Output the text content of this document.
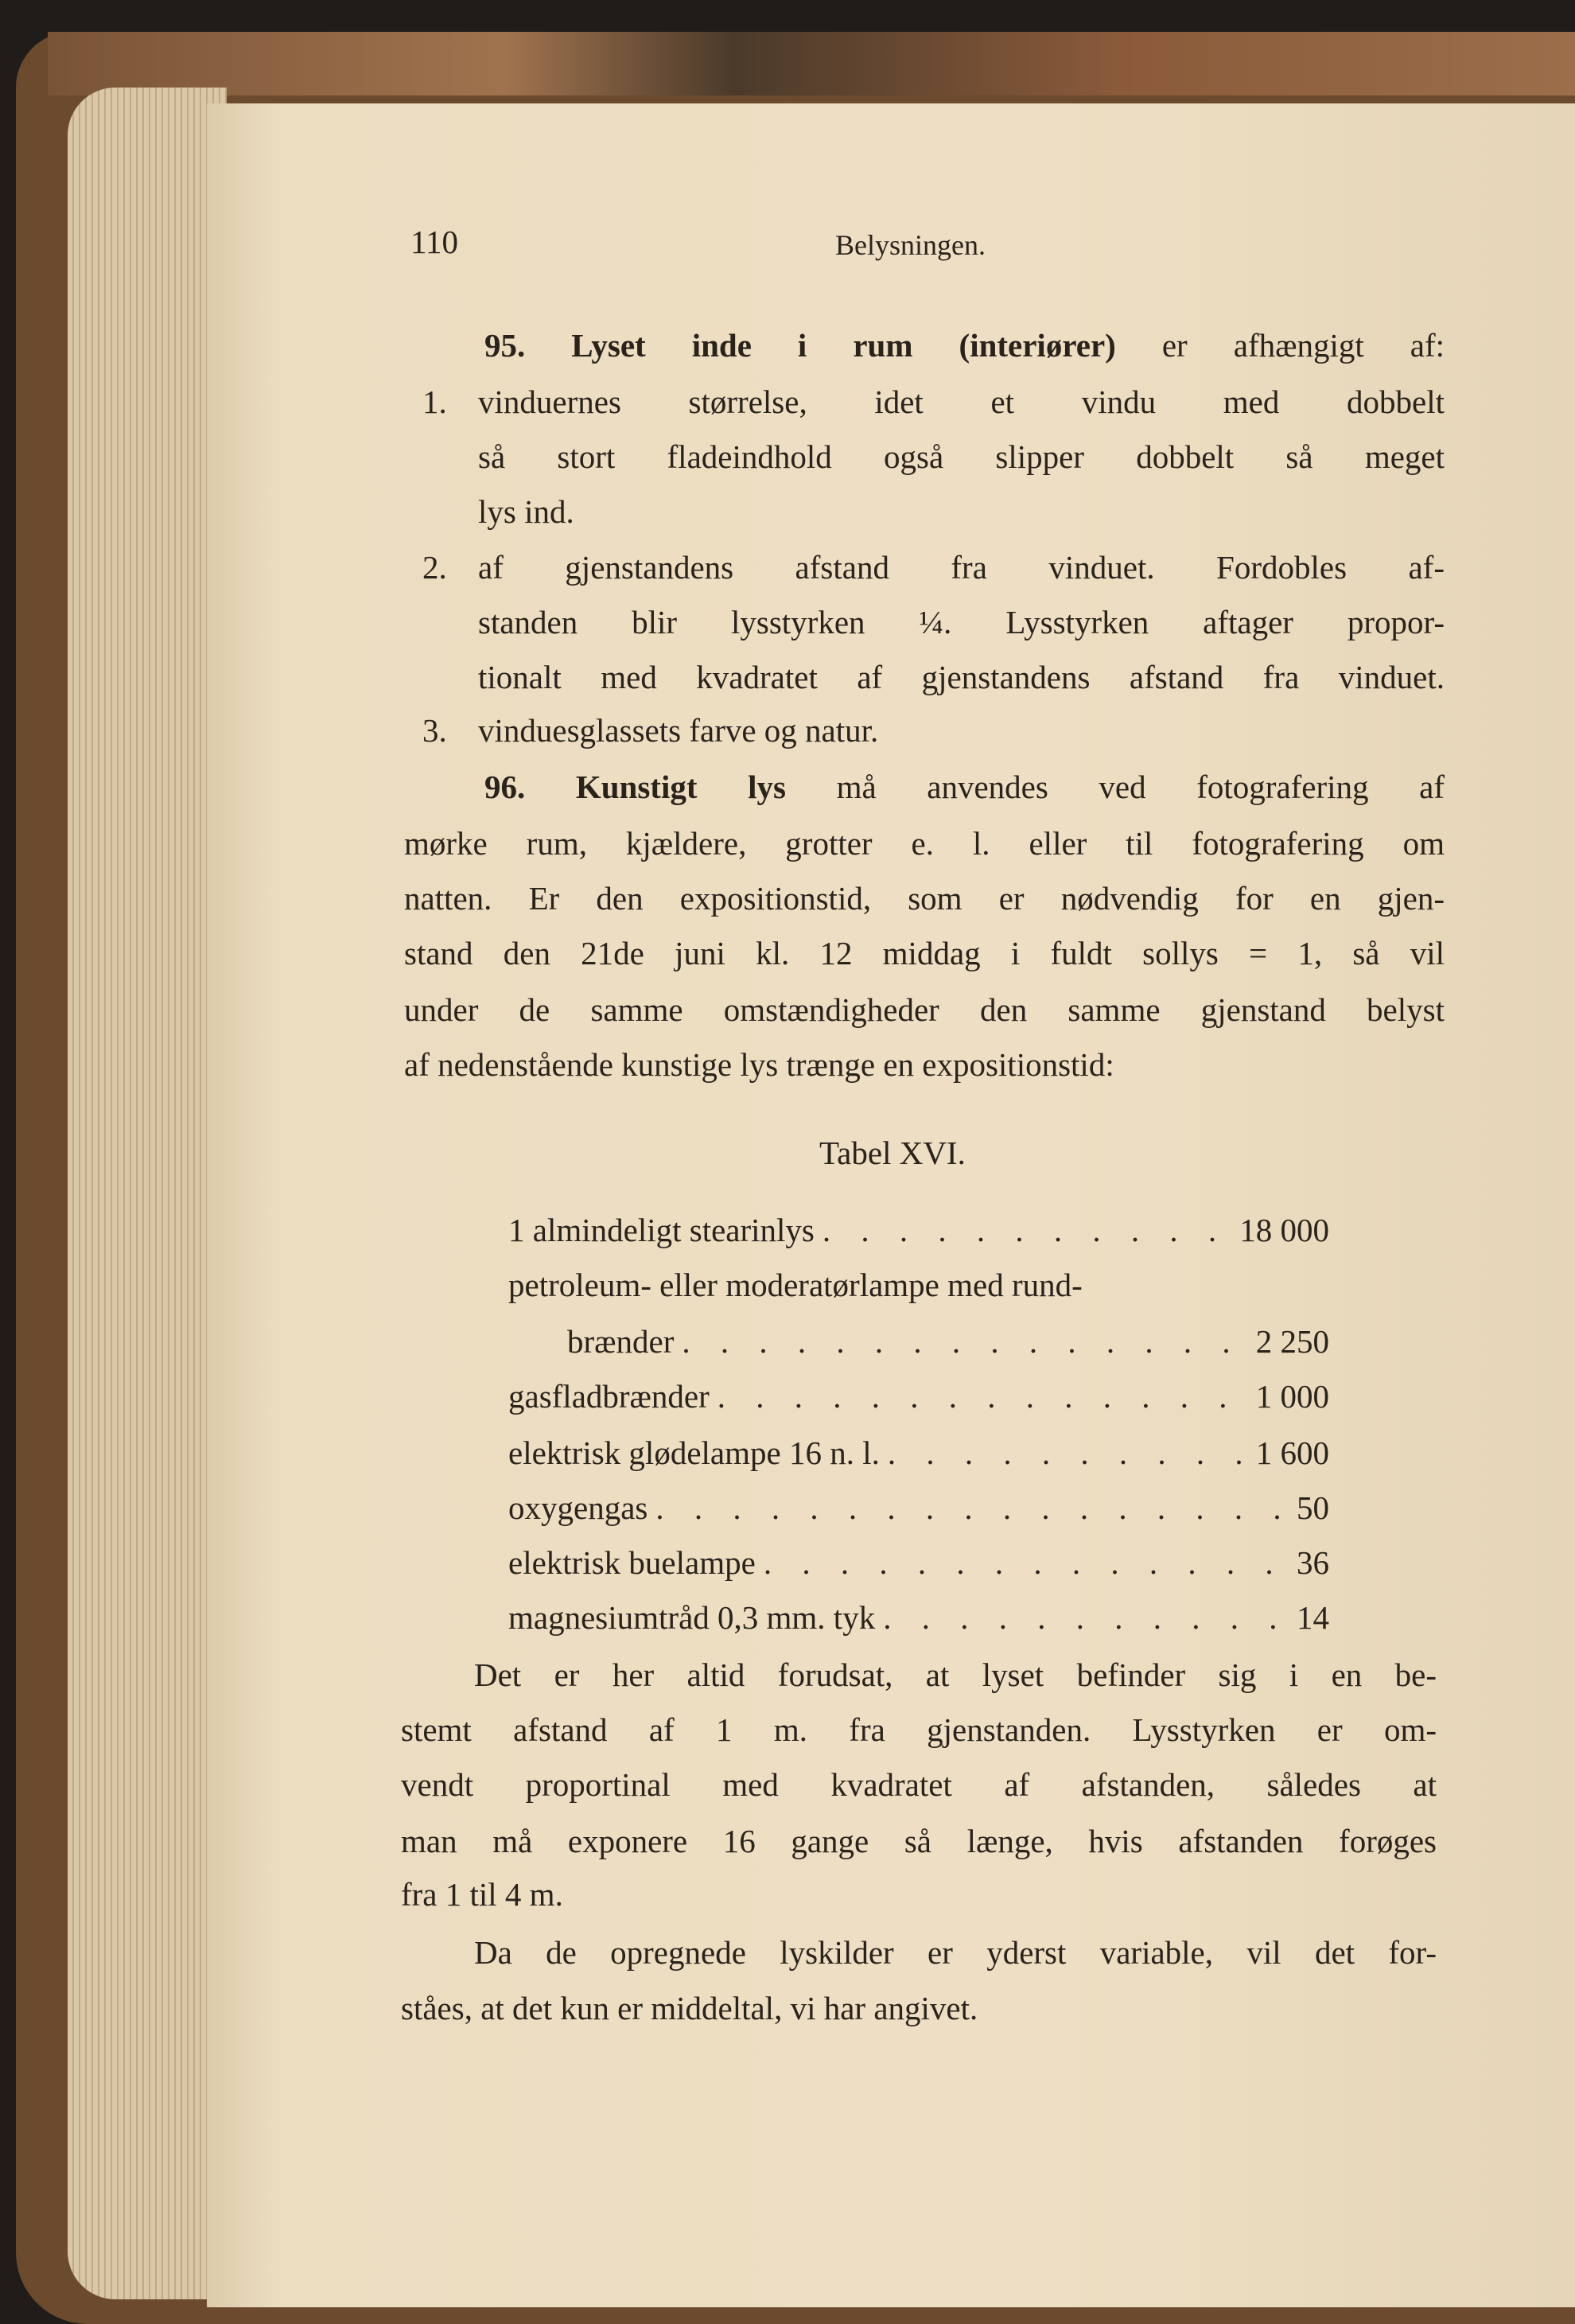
110	Belysningen.
95. Lyset inde i rum (interiører) er afhængigt af:
1. vinduernes størrelse, idet et vindu med dobbelt
så stort fladeindhold også slipper dobbelt så meget
lys ind.
2. af gjenstandens afstand fra vinduet. Fordobles af-
standen blir lysstyrken ¼. Lysstyrken aftager propor-
tionalt med kvadratet af gjenstandens afstand fra vinduet.
3. vinduesglassets farve og natur.
96. Kunstigt lys må anvendes ved fotografering af
mørke rum, kjældere, grotter e. l. eller til fotografering om
natten. Er den expositionstid, som er nødvendig for en gjen-
stand den 21de juni kl. 12 middag i fuldt sollys = 1, så vil
under de samme omstændigheder den samme gjenstand belyst
af nedenstående kunstige lys trænge en expositionstid:
Tabel XVI.
1 almindeligt stearinlys . . .	18 000
petroleum- eller moderatørlampe med rund-
brænder . . .	2 250
gasfladbrænder . . .	1 000
elektrisk glødelampe 16 n. l. . . .	1 600
oxygengas . . .	50
elektrisk buelampe . . .	36
magnesiumtråd 0,3 mm. tyk . . .	14
Det er her altid forudsat, at lyset befinder sig i en be-
stemt afstand af 1 m. fra gjenstanden. Lysstyrken er om-
vendt proportinal med kvadratet af afstanden, således at
man må exponere 16 gange så længe, hvis afstanden forøges
fra 1 til 4 m.
Da de opregnede lyskilder er yderst variable, vil det for-
ståes, at det kun er middeltal, vi har angivet.
